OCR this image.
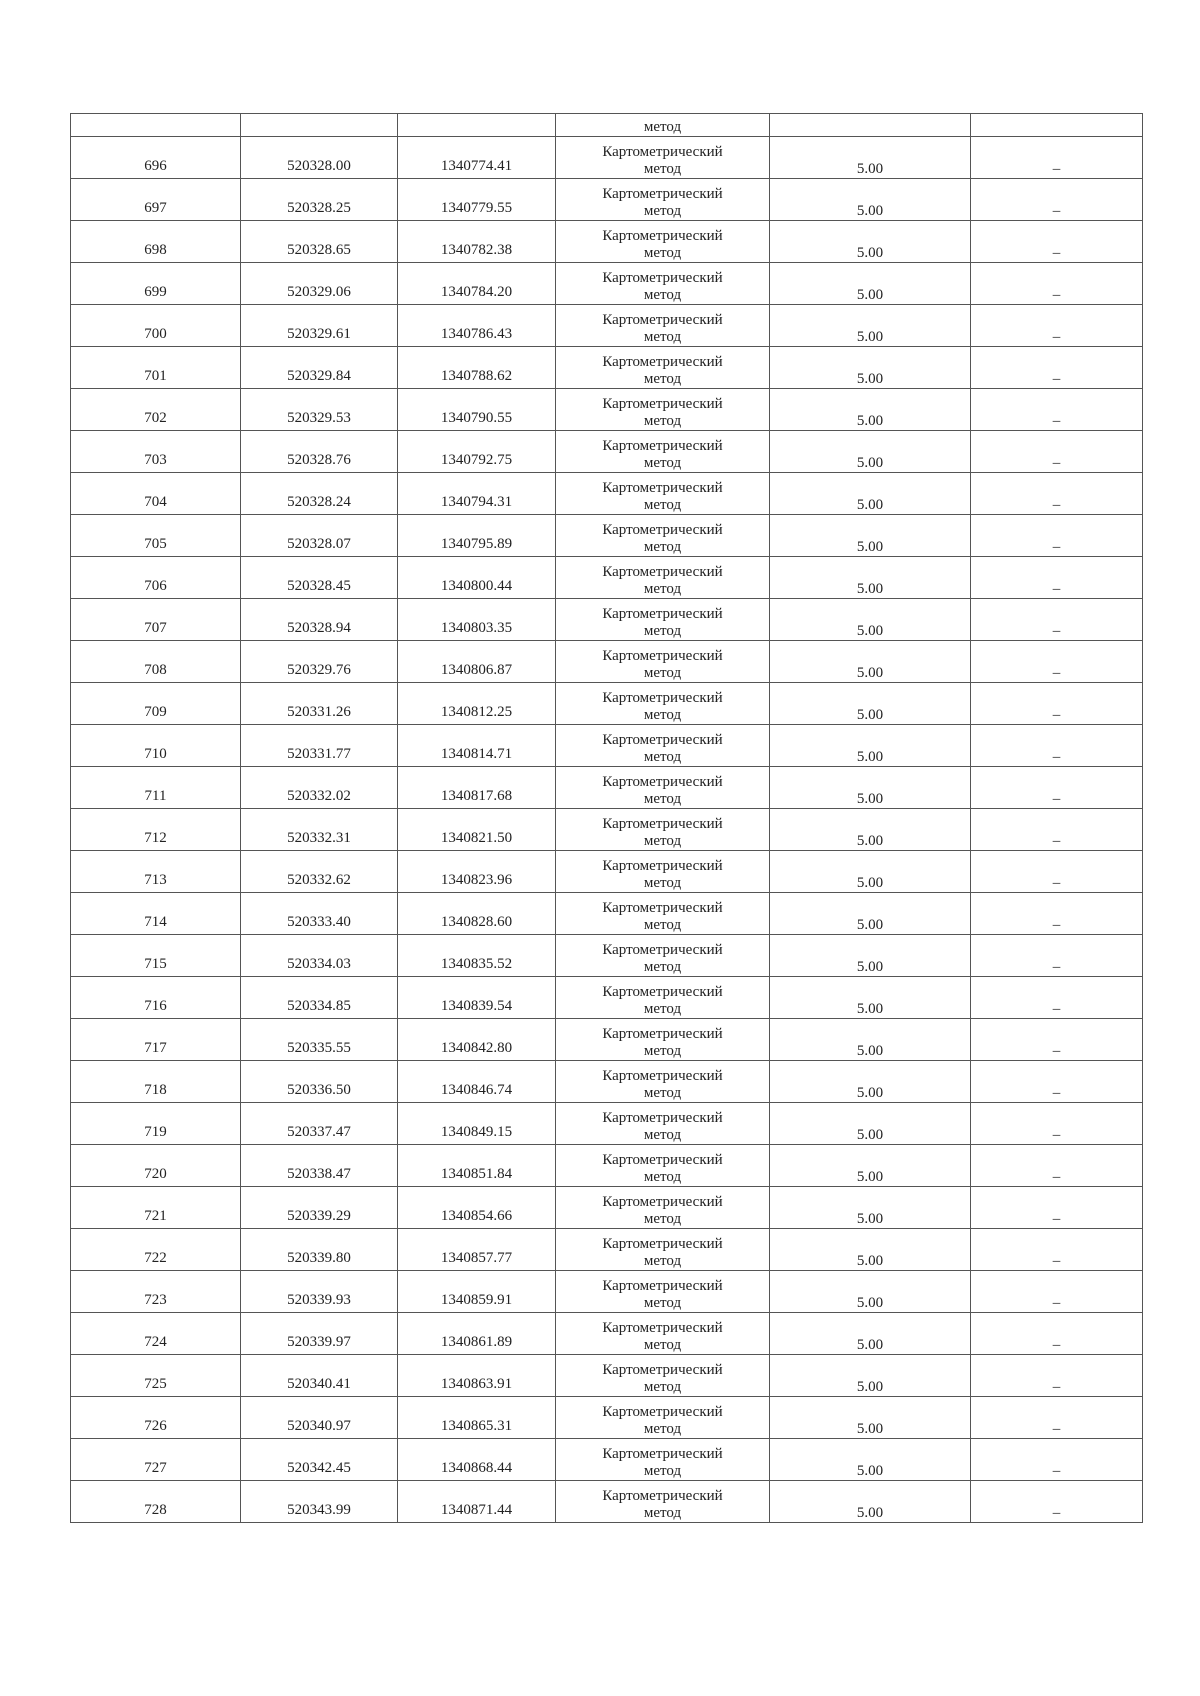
			метод		

696	520328.00	1340774.41	Картометрический
метод	5.00	–
697	520328.25	1340779.55	Картометрический
метод	5.00	–
698	520328.65	1340782.38	Картометрический
метод	5.00	–
699	520329.06	1340784.20	Картометрический
метод	5.00	–
700	520329.61	1340786.43	Картометрический
метод	5.00	–
701	520329.84	1340788.62	Картометрический
метод	5.00	–
702	520329.53	1340790.55	Картометрический
метод	5.00	–
703	520328.76	1340792.75	Картометрический
метод	5.00	–
704	520328.24	1340794.31	Картометрический
метод	5.00	–
705	520328.07	1340795.89	Картометрический
метод	5.00	–
706	520328.45	1340800.44	Картометрический
метод	5.00	–
707	520328.94	1340803.35	Картометрический
метод	5.00	–
708	520329.76	1340806.87	Картометрический
метод	5.00	–
709	520331.26	1340812.25	Картометрический
метод	5.00	–
710	520331.77	1340814.71	Картометрический
метод	5.00	–
711	520332.02	1340817.68	Картометрический
метод	5.00	–
712	520332.31	1340821.50	Картометрический
метод	5.00	–
713	520332.62	1340823.96	Картометрический
метод	5.00	–
714	520333.40	1340828.60	Картометрический
метод	5.00	–
715	520334.03	1340835.52	Картометрический
метод	5.00	–
716	520334.85	1340839.54	Картометрический
метод	5.00	–
717	520335.55	1340842.80	Картометрический
метод	5.00	–
718	520336.50	1340846.74	Картометрический
метод	5.00	–
719	520337.47	1340849.15	Картометрический
метод	5.00	–
720	520338.47	1340851.84	Картометрический
метод	5.00	–
721	520339.29	1340854.66	Картометрический
метод	5.00	–
722	520339.80	1340857.77	Картометрический
метод	5.00	–
723	520339.93	1340859.91	Картометрический
метод	5.00	–
724	520339.97	1340861.89	Картометрический
метод	5.00	–
725	520340.41	1340863.91	Картометрический
метод	5.00	–
726	520340.97	1340865.31	Картометрический
метод	5.00	–
727	520342.45	1340868.44	Картометрический
метод	5.00	–
728	520343.99	1340871.44	Картометрический
метод	5.00	–
